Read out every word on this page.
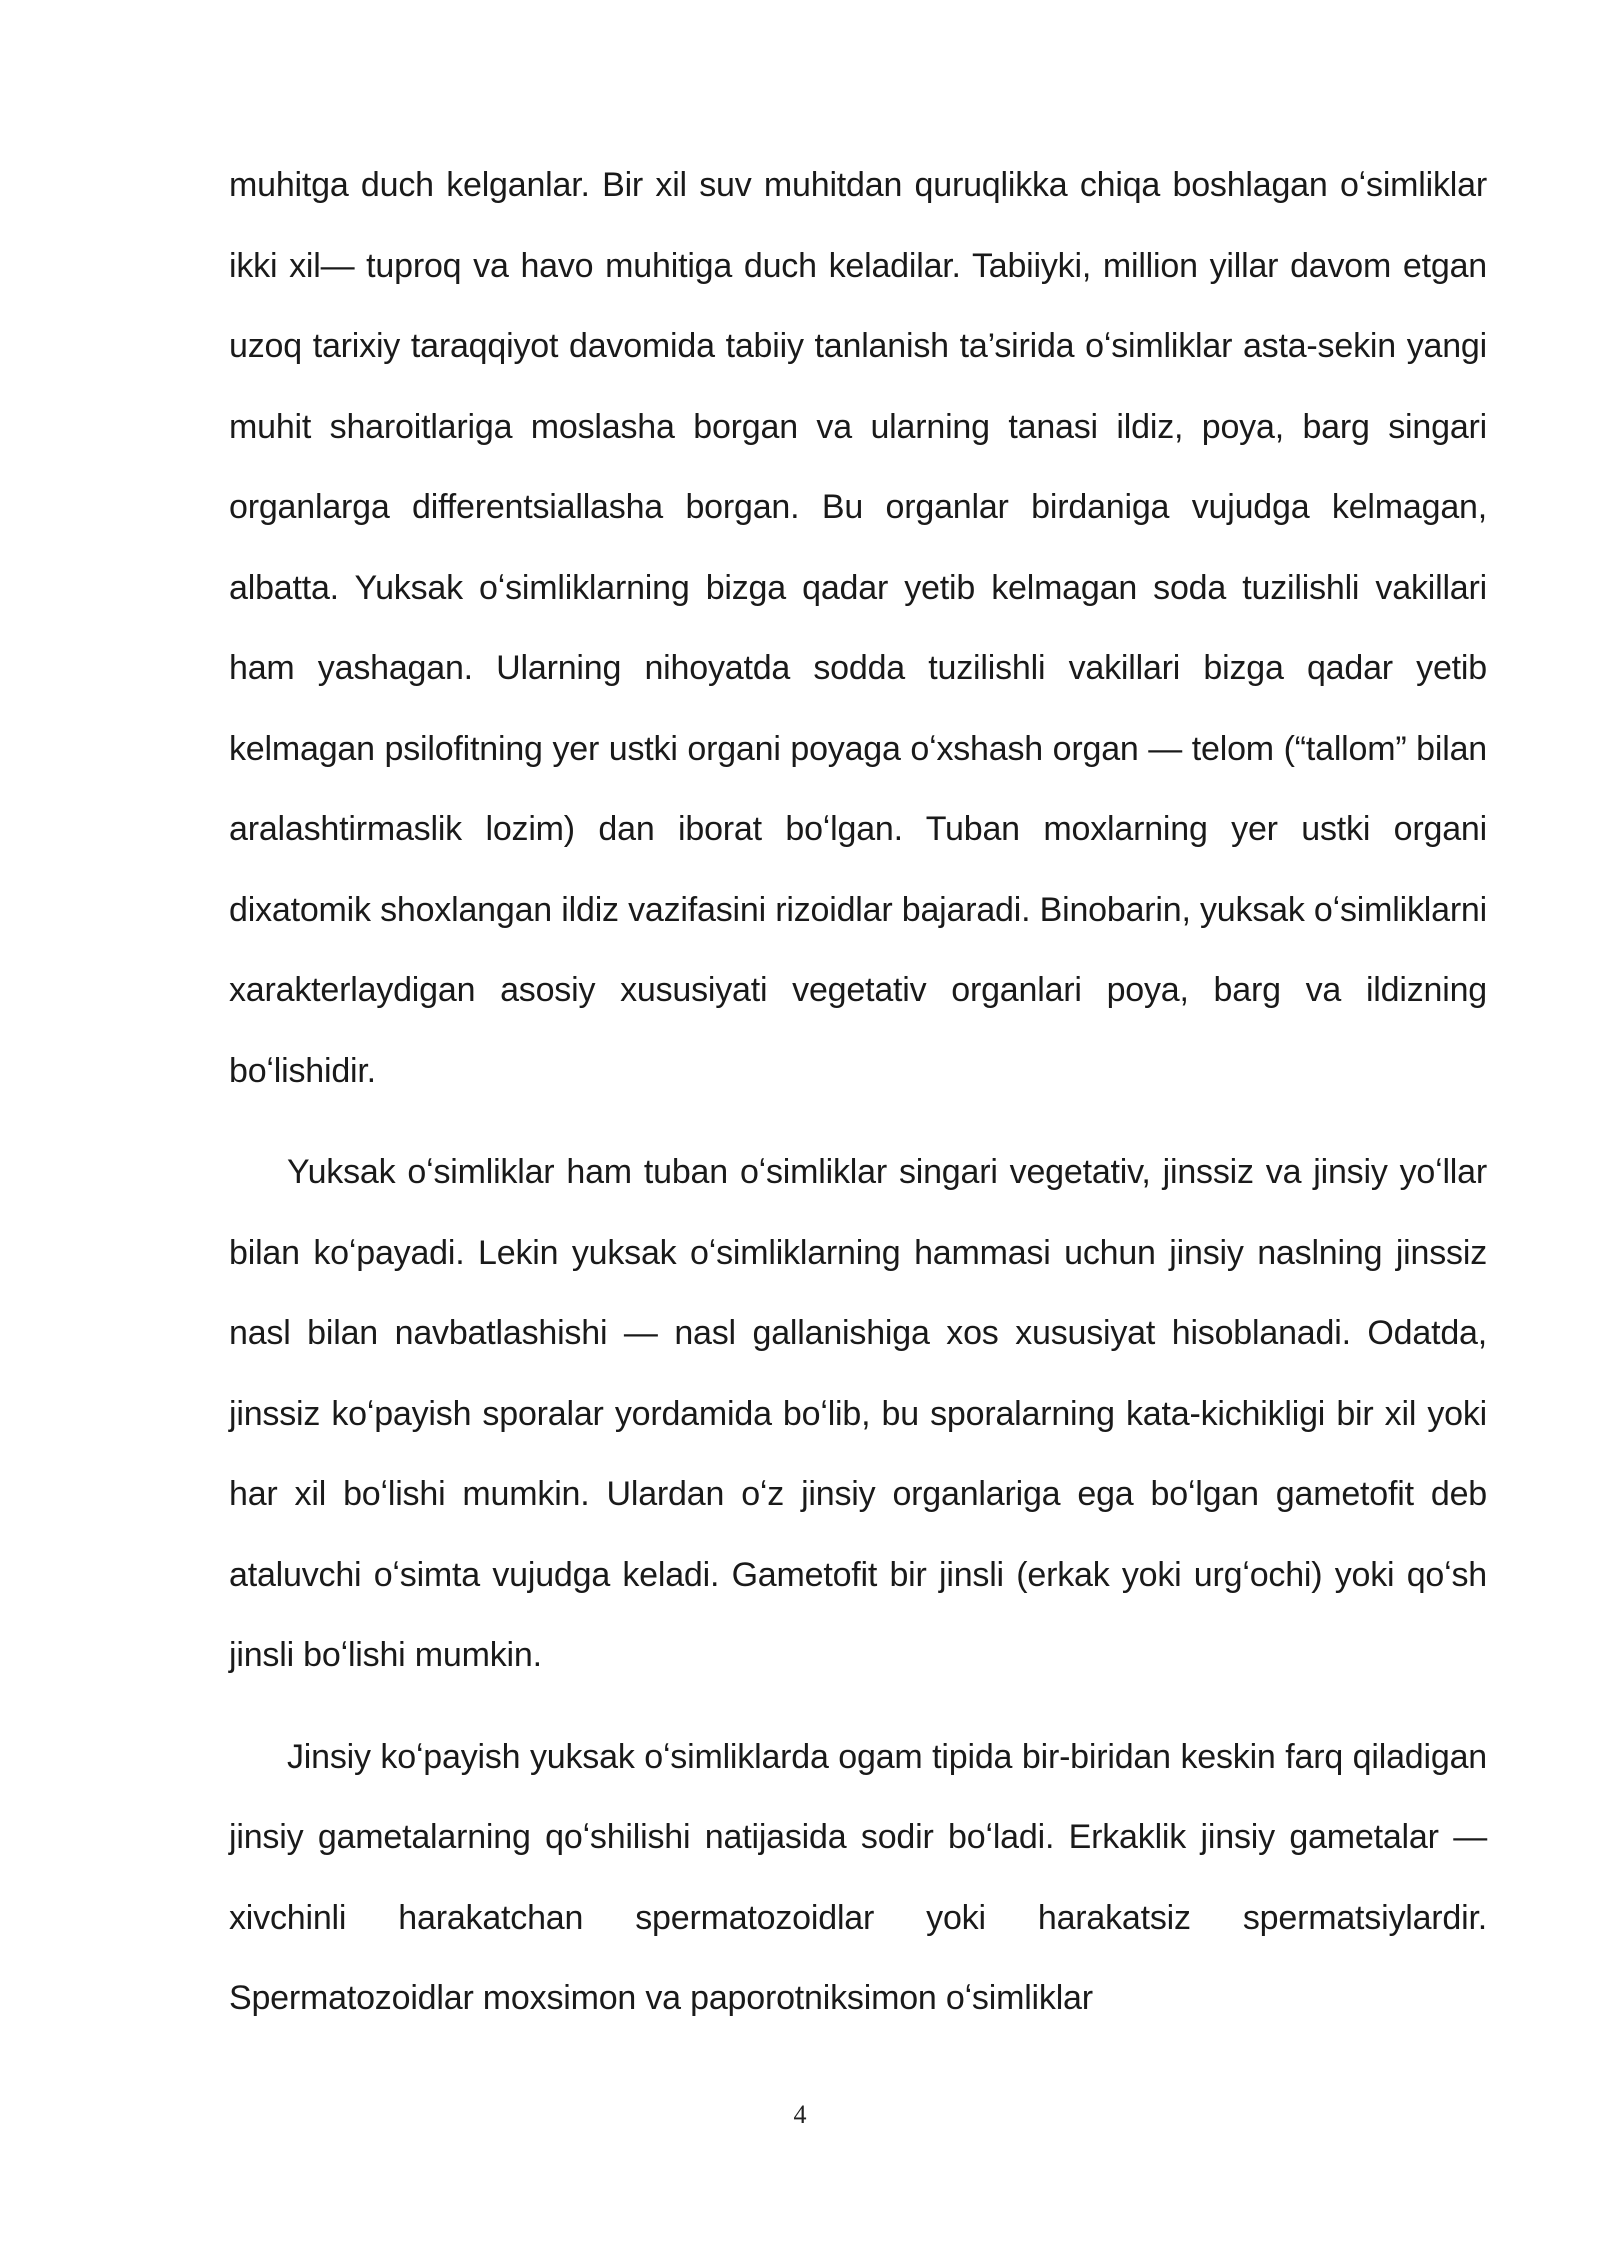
muhitga duch kelganlar. Bir xil suv muhitdan quruqlikka chiqa boshlagan oʻsimliklar ikki xil— tuproq va havo muhitiga duch keladilar. Tabiiyki, million yillar davom etgan uzoq tarixiy taraqqiyot davomida tabiiy tanlanish ta’sirida oʻsimliklar asta-sekin yangi muhit sharoitlariga moslasha borgan va ularning tanasi ildiz, poya, barg singari organlarga differentsiallasha borgan. Bu organlar birdaniga vujudga kelmagan, albatta. Yuksak oʻsimliklarning bizga qadar yetib kelmagan soda tuzilishli vakillari ham yashagan. Ularning nihoyatda sodda tuzilishli vakillari bizga qadar yetib kelmagan psilofitning yer ustki organi poyaga oʻxshash organ — telom (“tallom” bilan aralashtirmaslik lozim) dan iborat boʻlgan. Tuban moxlarning yer ustki organi dixatomik shoxlangan ildiz vazifasini rizoidlar bajaradi. Binobarin, yuksak oʻsimliklarni xarakterlaydigan asosiy xususiyati vegetativ organlari poya, barg va ildizning boʻlishidir.

Yuksak oʻsimliklar ham tuban oʻsimliklar singari vegetativ, jinssiz va jinsiy yoʻllar bilan koʻpayadi. Lekin yuksak oʻsimliklarning hammasi uchun jinsiy naslning jinssiz nasl bilan navbatlashishi — nasl gallanishiga xos xususiyat hisoblanadi. Odatda, jinssiz koʻpayish sporalar yordamida boʻlib, bu sporalarning kata-kichikligi bir xil yoki har xil boʻlishi mumkin. Ulardan oʻz jinsiy organlariga ega boʻlgan gametofit deb ataluvchi oʻsimta vujudga keladi. Gametofit bir jinsli (erkak yoki urgʻochi) yoki qoʻsh jinsli boʻlishi mumkin.

Jinsiy koʻpayish yuksak oʻsimliklarda ogam tipida bir-biridan keskin farq qiladigan jinsiy gametalarning qoʻshilishi natijasida sodir boʻladi. Erkaklik jinsiy gametalar — xivchinli harakatchan spermatozoidlar yoki harakatsiz spermatsiylardir. Spermatozoidlar moxsimon va paporotniksimon oʻsimliklar

4
